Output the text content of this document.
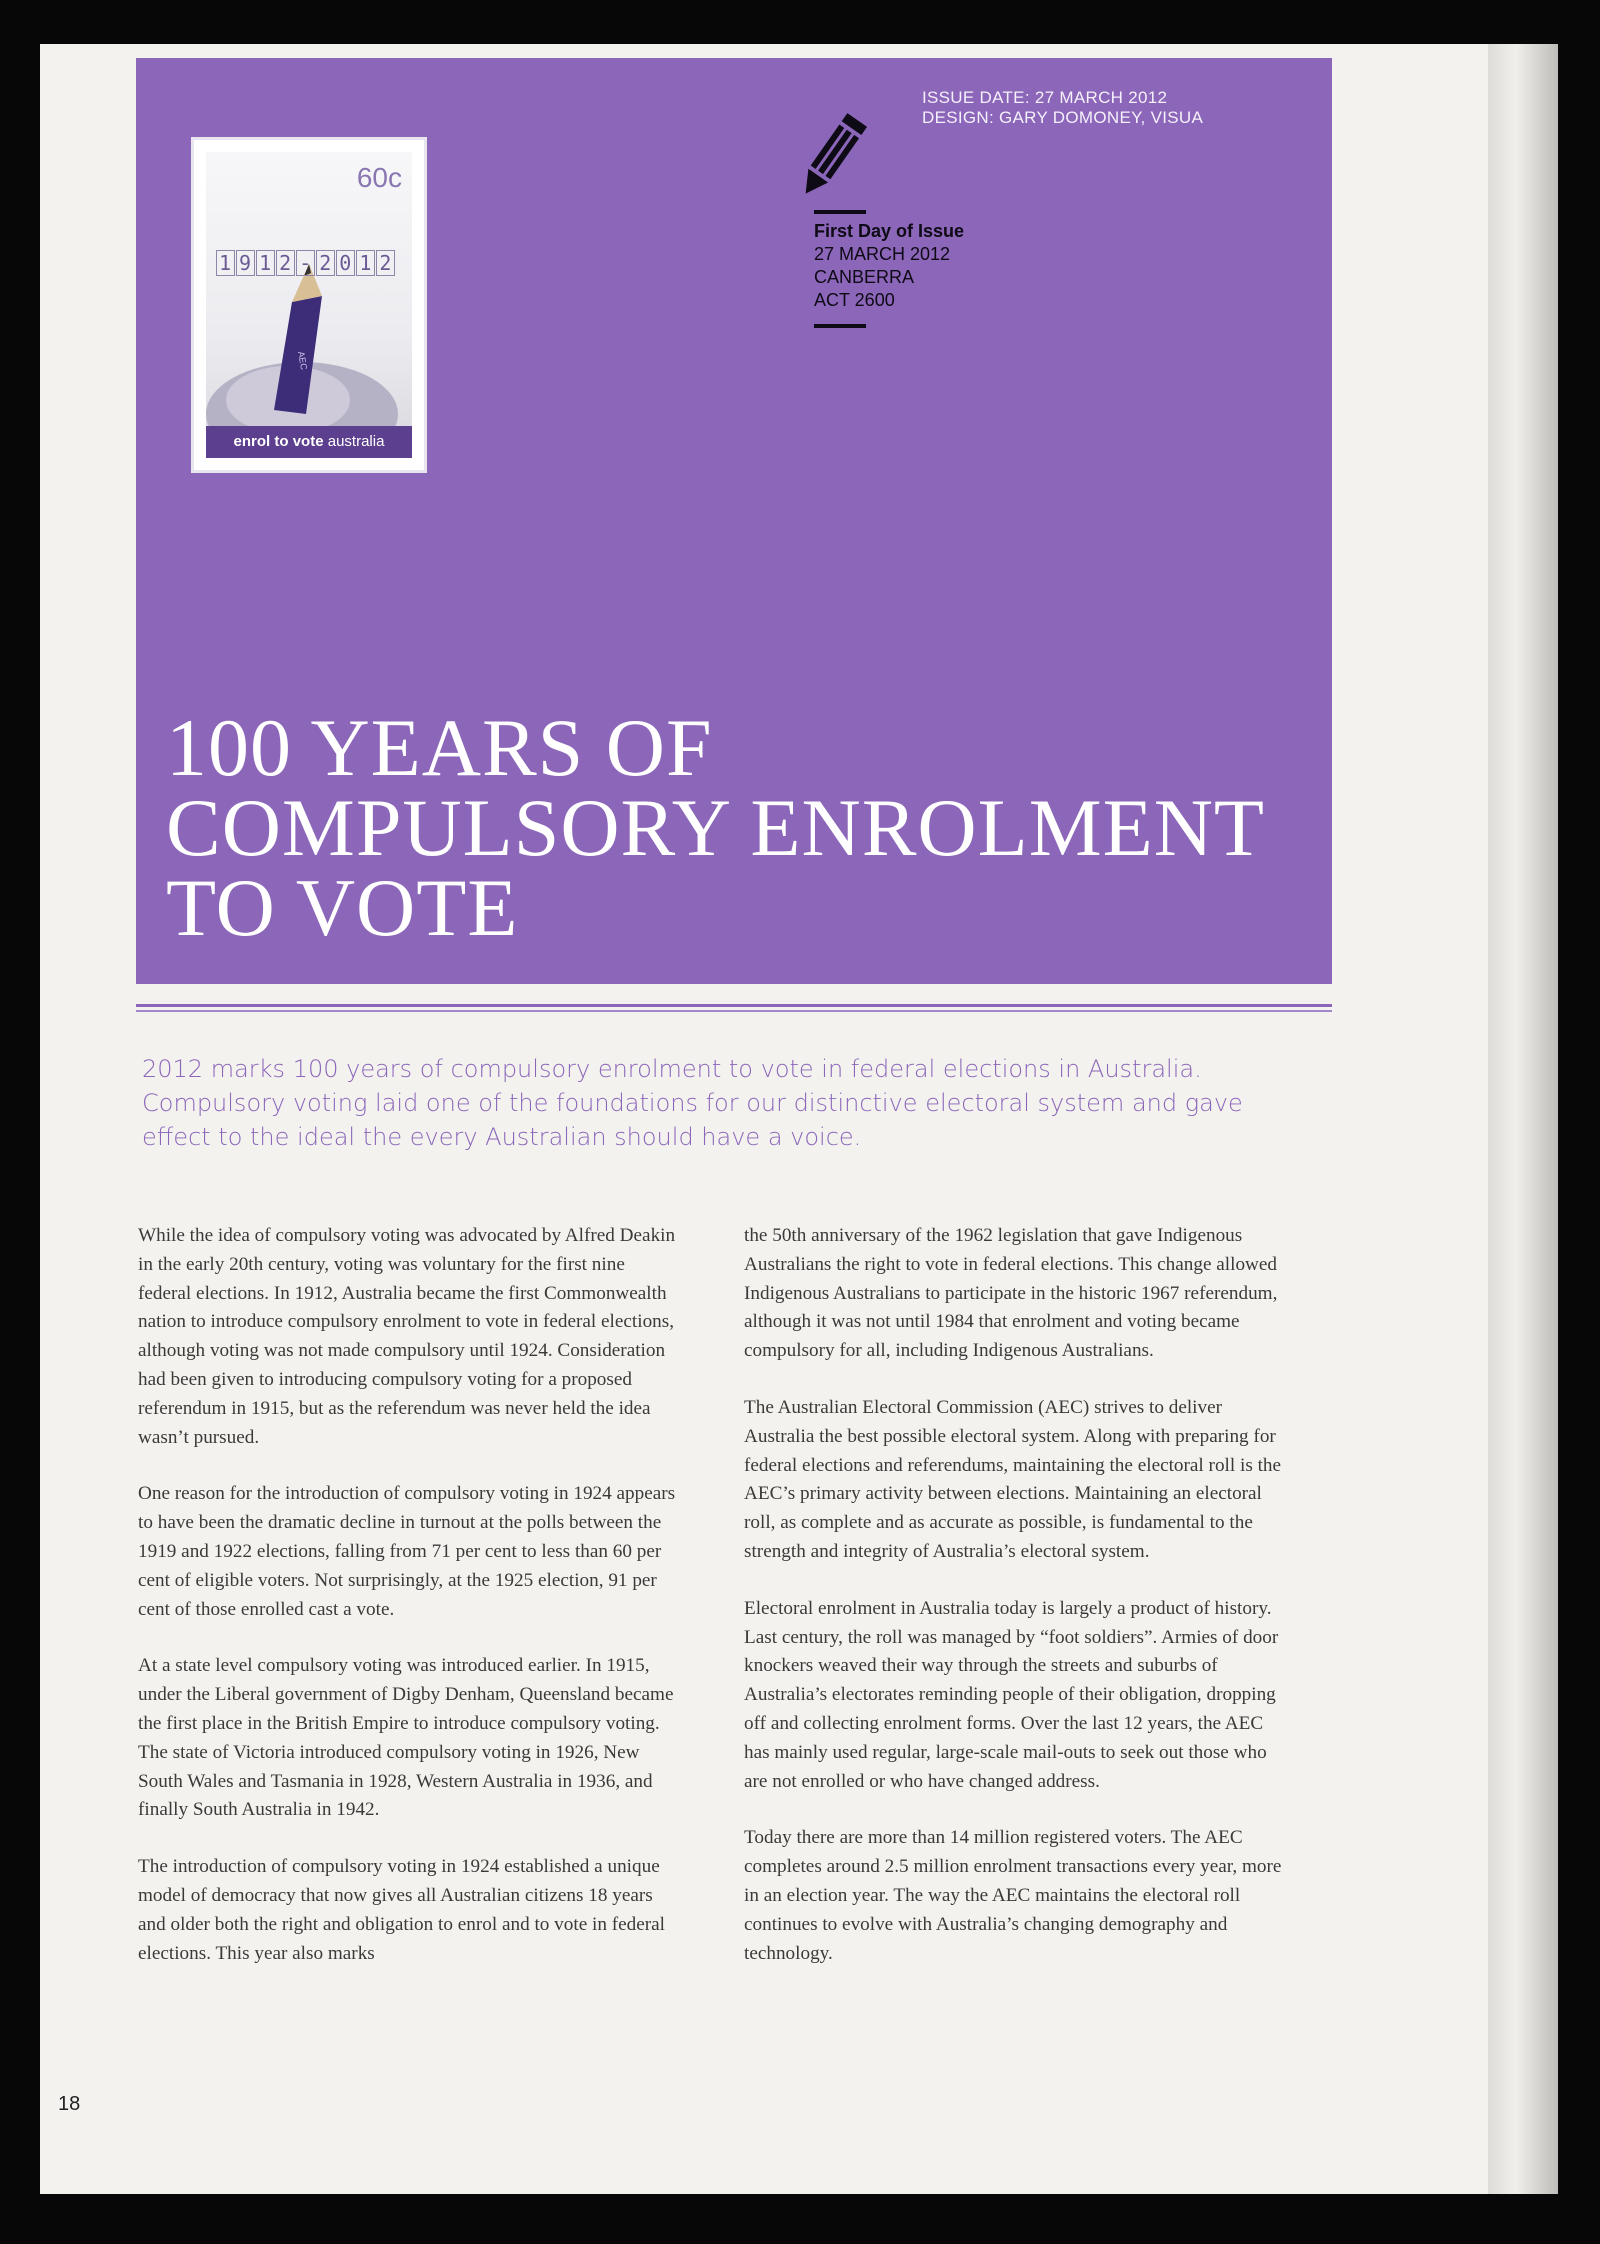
AEC
60c
1 9 1 2 - 2 0 1 2
enrol to vote australia
ISSUE DATE: 27 MARCH 2012
DESIGN: GARY DOMONEY, VISUA
First Day of Issue
27 MARCH 2012
CANBERRA
ACT 2600
100 YEARS OF
COMPULSORY ENROLMENT
TO VOTE
2012 marks 100 years of compulsory enrolment to vote in federal elections in Australia.
Compulsory voting laid one of the foundations for our distinctive electoral system and gave
effect to the ideal the every Australian should have a voice.

While the idea of compulsory voting was advocated by Alfred Deakin in the early 20th century, voting was voluntary for the first nine federal elections. In 1912, Australia became the first Commonwealth nation to introduce compulsory enrolment to vote in federal elections, although voting was not made compulsory until 1924. Consideration had been given to introducing compulsory voting for a proposed referendum in 1915, but as the referendum was never held the idea wasn’t pursued.

One reason for the introduction of compulsory voting in 1924 appears to have been the dramatic decline in turnout at the polls between the 1919 and 1922 elections, falling from 71 per cent to less than 60 per cent of eligible voters. Not surprisingly, at the 1925 election, 91 per cent of those enrolled cast a vote.

At a state level compulsory voting was introduced earlier. In 1915, under the Liberal government of Digby Denham, Queensland became the first place in the British Empire to introduce compulsory voting. The state of Victoria introduced compulsory voting in 1926, New South Wales and Tasmania in 1928, Western Australia in 1936, and finally South Australia in 1942.

The introduction of compulsory voting in 1924 established a unique model of democracy that now gives all Australian citizens 18 years and older both the right and obligation to enrol and to vote in federal elections. This year also marks

the 50th anniversary of the 1962 legislation that gave Indigenous Australians the right to vote in federal elections. This change allowed Indigenous Australians to participate in the historic 1967 referendum, although it was not until 1984 that enrolment and voting became compulsory for all, including Indigenous Australians.

The Australian Electoral Commission (AEC) strives to deliver Australia the best possible electoral system. Along with preparing for federal elections and referendums, maintaining the electoral roll is the AEC’s primary activity between elections. Maintaining an electoral roll, as complete and as accurate as possible, is fundamental to the strength and integrity of Australia’s electoral system.

Electoral enrolment in Australia today is largely a product of history. Last century, the roll was managed by “foot soldiers”. Armies of door knockers weaved their way through the streets and suburbs of Australia’s electorates reminding people of their obligation, dropping off and collecting enrolment forms. Over the last 12 years, the AEC has mainly used regular, large-scale mail-outs to seek out those who are not enrolled or who have changed address.

Today there are more than 14 million registered voters. The AEC completes around 2.5 million enrolment transactions every year, more in an election year. The way the AEC maintains the electoral roll continues to evolve with Australia’s changing demography and technology.

18
